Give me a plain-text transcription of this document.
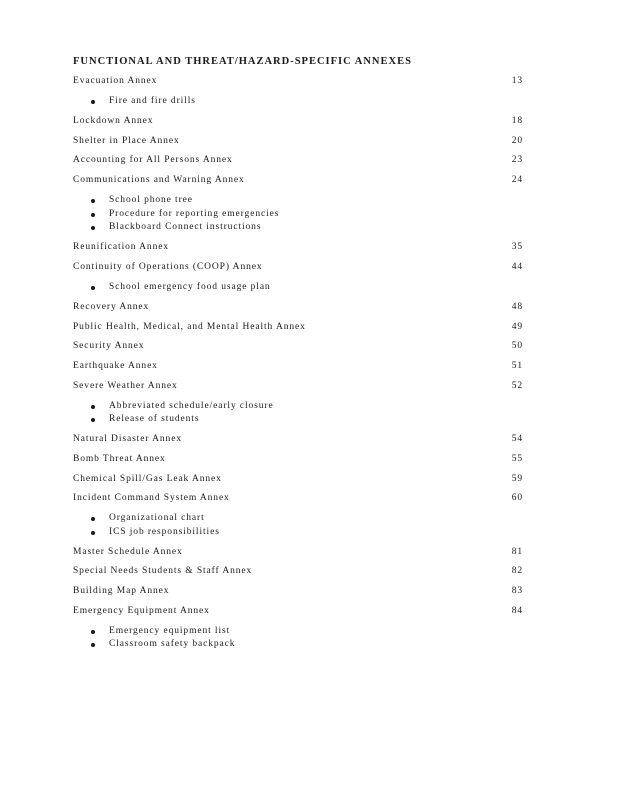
FUNCTIONAL AND THREAT/HAZARD-SPECIFIC ANNEXES
Evacuation Annex	13
Fire and fire drills
Lockdown Annex	18
Shelter in Place Annex	20
Accounting for All Persons Annex	23
Communications and Warning Annex	24
School phone tree
Procedure for reporting emergencies
Blackboard Connect instructions
Reunification Annex	35
Continuity of Operations (COOP) Annex	44
School emergency food usage plan
Recovery Annex	48
Public Health, Medical, and Mental Health Annex	49
Security Annex	50
Earthquake Annex	51
Severe Weather Annex	52
Abbreviated schedule/early closure
Release of students
Natural Disaster Annex	54
Bomb Threat Annex	55
Chemical Spill/Gas Leak Annex	59
Incident Command System Annex	60
Organizational chart
ICS job responsibilities
Master Schedule Annex	81
Special Needs Students & Staff Annex	82
Building Map Annex	83
Emergency Equipment Annex	84
Emergency equipment list
Classroom safety backpack
